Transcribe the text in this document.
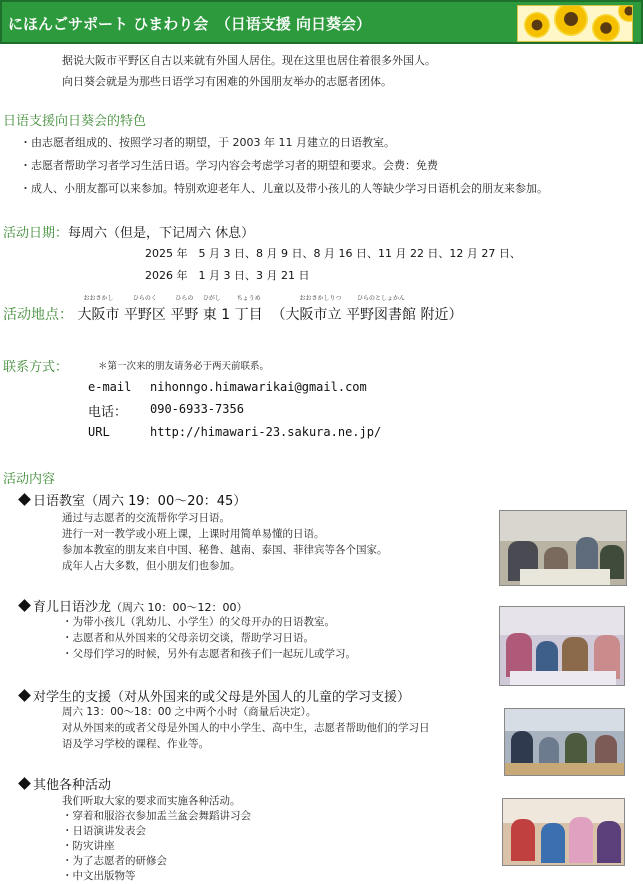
にほんごサポート ひまわり会　（日语支援 向日葵会）
据说大阪市平野区自古以来就有外国人居住。现在这里也居住着很多外国人。
向日葵会就是为那些日语学习有困难的外国朋友举办的志愿者团体。
日语支援向日葵会的特色
・由志愿者组成的、按照学习者的期望，于 2003 年 11 月建立的日语教室。
・志愿者帮助学习者学习生活日语。学习内容会考虑学习者的期望和要求。会费：免费
・成人、小朋友都可以来参加。特别欢迎老年人、儿童以及带小孩儿的人等缺少学习日语机会的朋友来参加。
活动日期：每周六（但是，下记周六 休息）
2025 年　5 月 3 日、8 月 9 日、8 月 16 日、11 月 22 日、12 月 27 日、
2026 年　1 月 3 日、3 月 21 日
活动地点：
おおさかし
大阪市
ひらのく
平野区
ひらの
平野
ひがし
東 1
ちょうめ
丁目
おおさかしりつ
（大阪市立
ひらのとしょかん
平野図書館 附近）
联系方式：	＊第一次来的朋友请务必于两天前联系。
e-mail nihonngo.himawarikai@gmail.com
电话： 090-6933-7356
URL	http://himawari-23.sakura.ne.jp/
活动内容
日语教室（周六 19：00～20：45）
通过与志愿者的交流帮你学习日语。
进行一对一教学或小班上课，上课时用简单易懂的日语。
参加本教室的朋友来自中国、秘鲁、越南、泰国、菲律宾等各个国家。
成年人占大多数，但小朋友们也参加。
育儿日语沙龙（周六 10：00～12：00）
・为带小孩儿（乳幼儿、小学生）的父母开办的日语教室。
・志愿者和从外国来的父母亲切交谈，帮助学习日语。
・父母们学习的时候，另外有志愿者和孩子们一起玩儿或学习。
对学生的支援（对从外国来的或父母是外国人的儿童的学习支援）
周六 13：00～18：00 之中两个小时（商量后决定）。
对从外国来的或者父母是外国人的中小学生、高中生，志愿者帮助他们的学习日
语及学习学校的课程、作业等。
其他各种活动
我们听取大家的要求而实施各种活动。
・穿着和服浴衣参加盂兰盆会舞蹈讲习会
・日语演讲发表会
・防灾讲座
・为了志愿者的研修会
・中文出版物等
